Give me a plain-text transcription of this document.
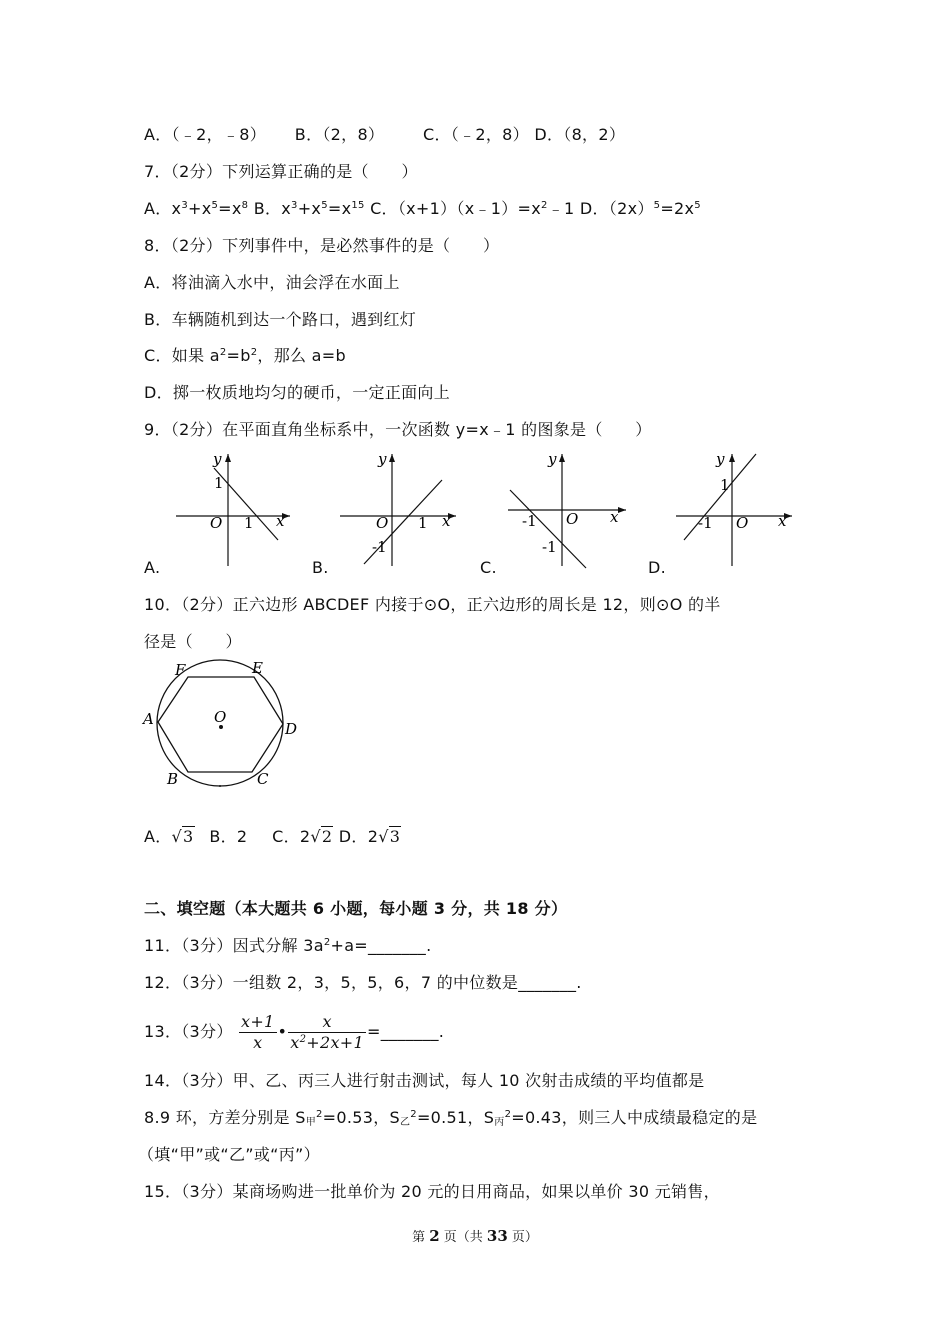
A．（﹣2，﹣8） B．（2，8） C．（﹣2，8） D．（8，2）
7．（2分）下列运算正确的是（　　）
A．$x^3+x^5=x^8$ B．$x^3+x^5=x^{15}$ C．$(x+1)(x﹣1)=x^2﹣1$ D．$(2x)^5=2x^5$
8．（2分）下列事件中，是必然事件的是（　　）
A．将油滴入水中，油会浮在水面上
B．车辆随机到达一个路口，遇到红灯
C．如果 $a^2=b^2$，那么 a=b
D．掷一枚质地均匀的硬币，一定正面向上
9．（2分）在平面直角坐标系中，一次函数 y=x﹣1 的图象是（　　）
y
x
O
1
1
A.
y
x
O
-1
1
B.
y
x
O
-1
-1
C.
y
x
O
1
-1
D.
10．（2分）正六边形 ABCDEF 内接于⊙O，正六边形的周长是 12，则⊙O 的半
径是（　　）
O
F	E
A
D
B	C
A．√3 B．2 C．2√2 D．2√3
二、填空题（本大题共 6 小题，每小题 3 分，共 18 分）
11．（3分）因式分解 $3a^2+a=\_\_\_\_\_\_\_$.
12．（3分）一组数 2，3，5，5，6，7 的中位数是_______.
13．（3分） $\frac{x+1}{x}$ • $\frac{x}{x^2+2x+1}$ =_______.
14．（3分）甲、乙、丙三人进行射击测试，每人 10 次射击成绩的平均值都是
8.9 环，方差分别是 $S_甲^2=0.53$，$S_乙^2=0.51$，$S_丙^2=0.43$，则三人中成绩最稳定的是
（填“甲”或“乙”或“丙”）
15．（3分）某商场购进一批单价为 20 元的日用商品，如果以单价 30 元销售，
第 2 页（共 33 页）
